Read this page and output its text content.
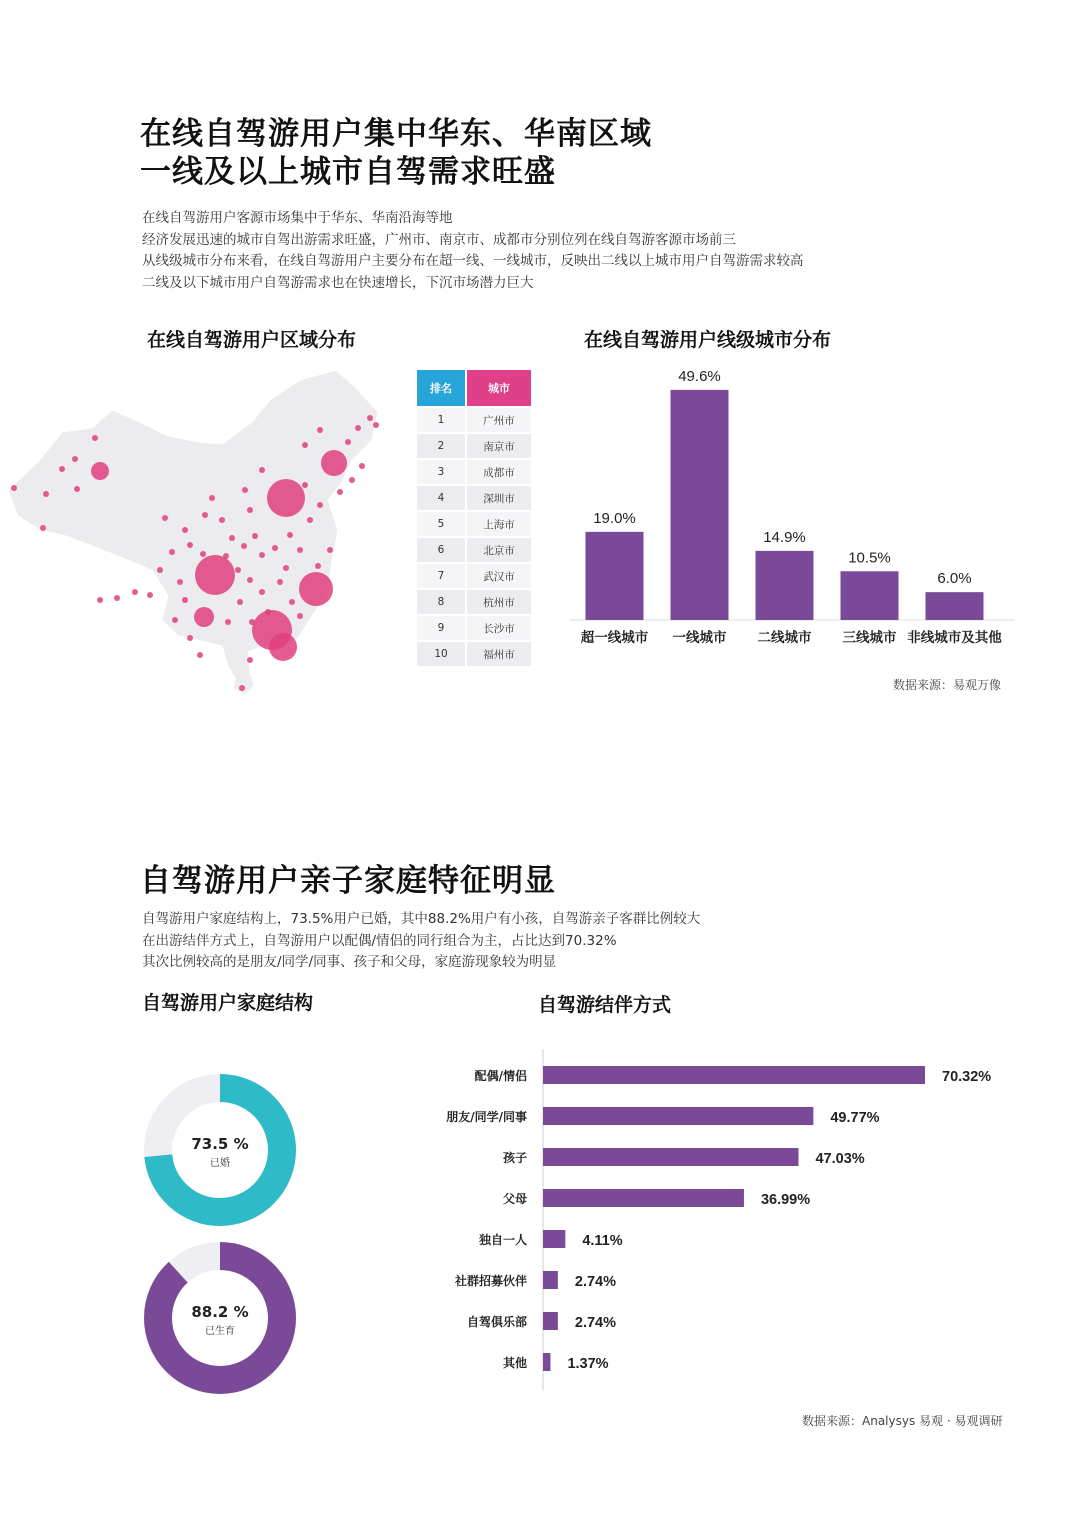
在线自驾游用户集中华东、华南区域
一线及以上城市自驾需求旺盛

在线自驾游用户客源市场集中于华东、华南沿海等地

经济发展迅速的城市自驾出游需求旺盛，广州市、南京市、成都市分别位列在线自驾游客源市场前三

从线级城市分布来看，在线自驾游用户主要分布在超一线、一线城市，反映出二线以上城市用户自驾游需求较高

二线及以下城市用户自驾游需求也在快速增长，下沉市场潜力巨大

在线自驾游用户区域分布	在线自驾游用户线级城市分布
排名	城市
1	广州市
2	南京市
3	成都市
4	深圳市
5	上海市
6	北京市
7	武汉市
8	杭州市
9	长沙市
10	福州市
19.0%
超一线城市
49.6%
一线城市
14.9%
二线城市
10.5%
三线城市
6.0%
非线城市及其他
数据来源：易观万像
自驾游用户亲子家庭特征明显

自驾游用户家庭结构上，73.5%用户已婚，其中88.2%用户有小孩，自驾游亲子客群比例较大

在出游结伴方式上，自驾游用户以配偶/情侣的同行组合为主，占比达到70.32%

其次比例较高的是朋友/同学/同事、孩子和父母，家庭游现象较为明显

自驾游用户家庭结构	自驾游结伴方式
73.5 %
已婚
88.2 %
已生育
配偶/情侣	70.32%
朋友/同学/同事	49.77%
孩子	47.03%
父母	36.99%
独自一人	4.11%
社群招募伙伴	2.74%
自驾俱乐部	2.74%
其他	1.37%
数据来源：Analysys 易观 · 易观调研
